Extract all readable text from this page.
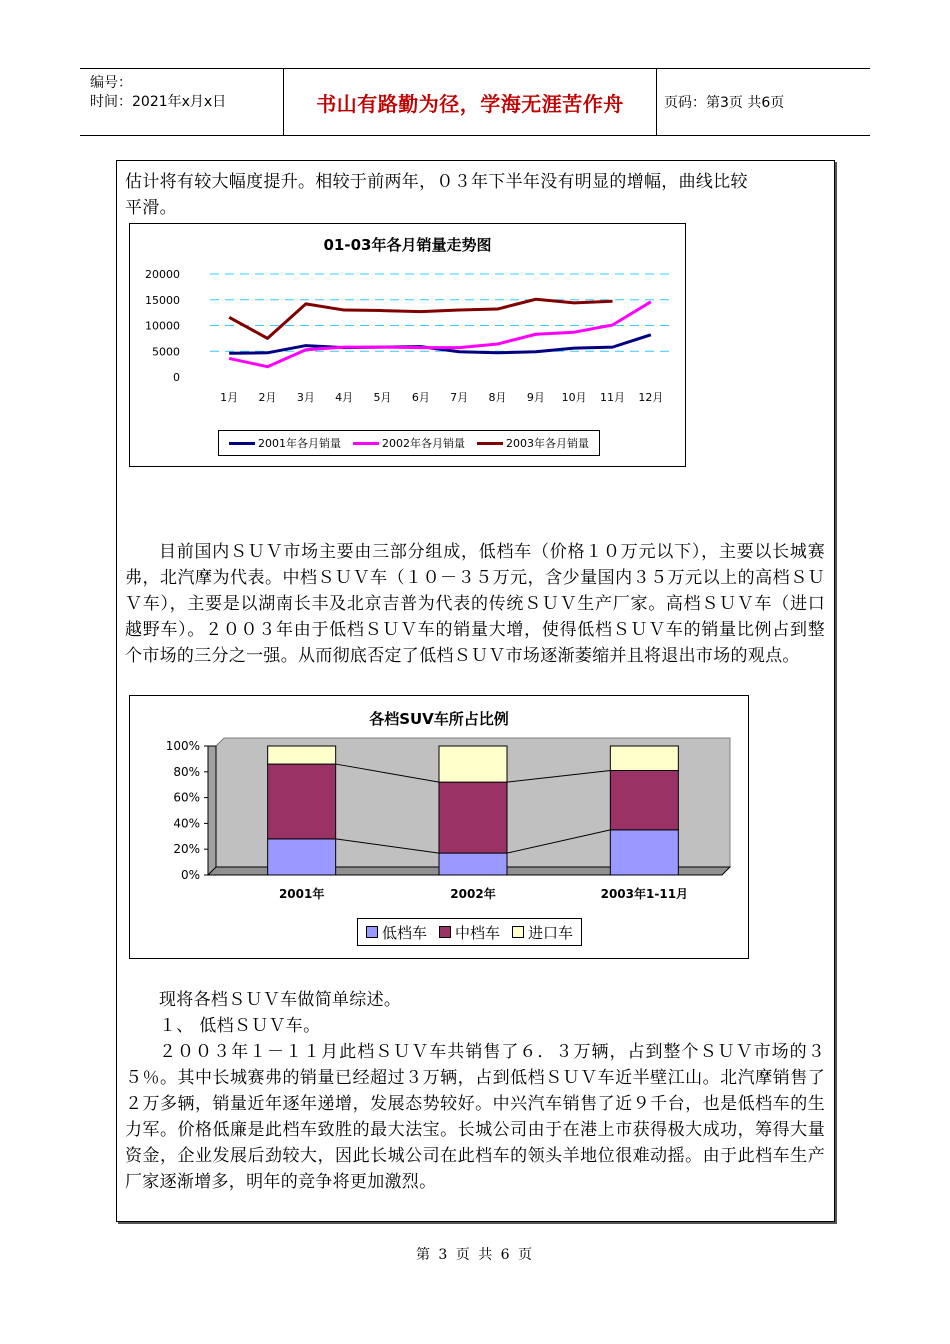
编号：
时间：2021年x月x日	书山有路勤为径，学海无涯苦作舟	页码：第3页 共6页
估计将有较大幅度提升。相较于前两年，０３年下半年没有明显的增幅，曲线比较
平滑。
01-03年各月销量走势图
0
5000
10000
15000
20000
1月 2月 3月 4月 5月 6月 7月 8月 9月 10月 11月 12月
2001年各月销量	2002年各月销量	2003年各月销量
目前国内ＳＵＶ市场主要由三部分组成，低档车（价格１０万元以下），主要以长城赛弗，北汽摩为代表。中档ＳＵＶ车（１０－３５万元，含少量国内３５万元以上的高档ＳＵＶ车），主要是以湖南长丰及北京吉普为代表的传统ＳＵＶ生产厂家。高档ＳＵＶ车（进口越野车）。２００３年由于低档ＳＵＶ车的销量大增，使得低档ＳＵＶ车的销量比例占到整个市场的三分之一强。从而彻底否定了低档ＳＵＶ市场逐渐萎缩并且将退出市场的观点。
各档SUV车所占比例
0%
20%
40%
60%
80%
100%
2001年	2002年	2003年1-11月
低档车 中档车 进口车
现将各档ＳＵＶ车做简单综述。
１、 低档ＳＵＶ车。
２００３年１－１１月此档ＳＵＶ车共销售了６．３万辆，占到整个ＳＵＶ市场的３５％。其中长城赛弗的销量已经超过３万辆，占到低档ＳＵＶ车近半壁江山。北汽摩销售了２万多辆，销量近年逐年递增，发展态势较好。中兴汽车销售了近９千台，也是低档车的生力军。价格低廉是此档车致胜的最大法宝。长城公司由于在港上市获得极大成功，筹得大量资金，企业发展后劲较大，因此长城公司在此档车的领头羊地位很难动摇。由于此档车生产厂家逐渐增多，明年的竞争将更加激烈。
第 3 页 共 6 页
